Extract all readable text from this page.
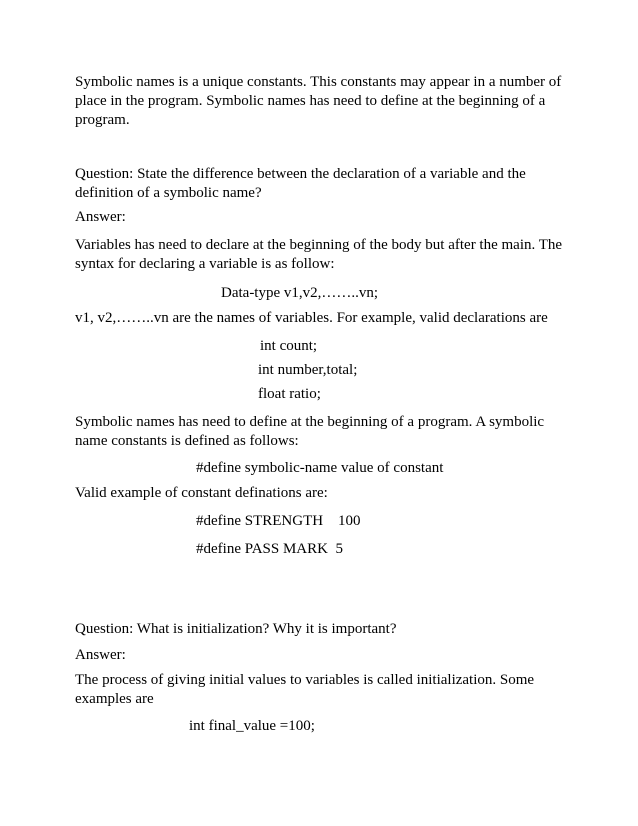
Symbolic names is a unique constants. This constants may appear in a number of place in the program. Symbolic names has need to define at the beginning of a program.
Question: State the difference between the declaration of a variable and the definition of a symbolic name?
Answer:
Variables has need to declare at the beginning of the body but after the main. The syntax for declaring a variable is as follow:
Data-type v1,v2,……..vn;
v1, v2,……..vn are the names of variables. For example, valid declarations are
int count;
int number,total;
float ratio;
Symbolic names has need to define at the beginning of a program. A symbolic name constants is defined as follows:
#define symbolic-name value of constant
Valid example of constant definations are:
#define STRENGTH    100
#define PASS MARK  5
Question: What is initialization? Why it is important?
Answer:
The process of giving initial values to variables is called initialization. Some examples are
int final_value =100;
